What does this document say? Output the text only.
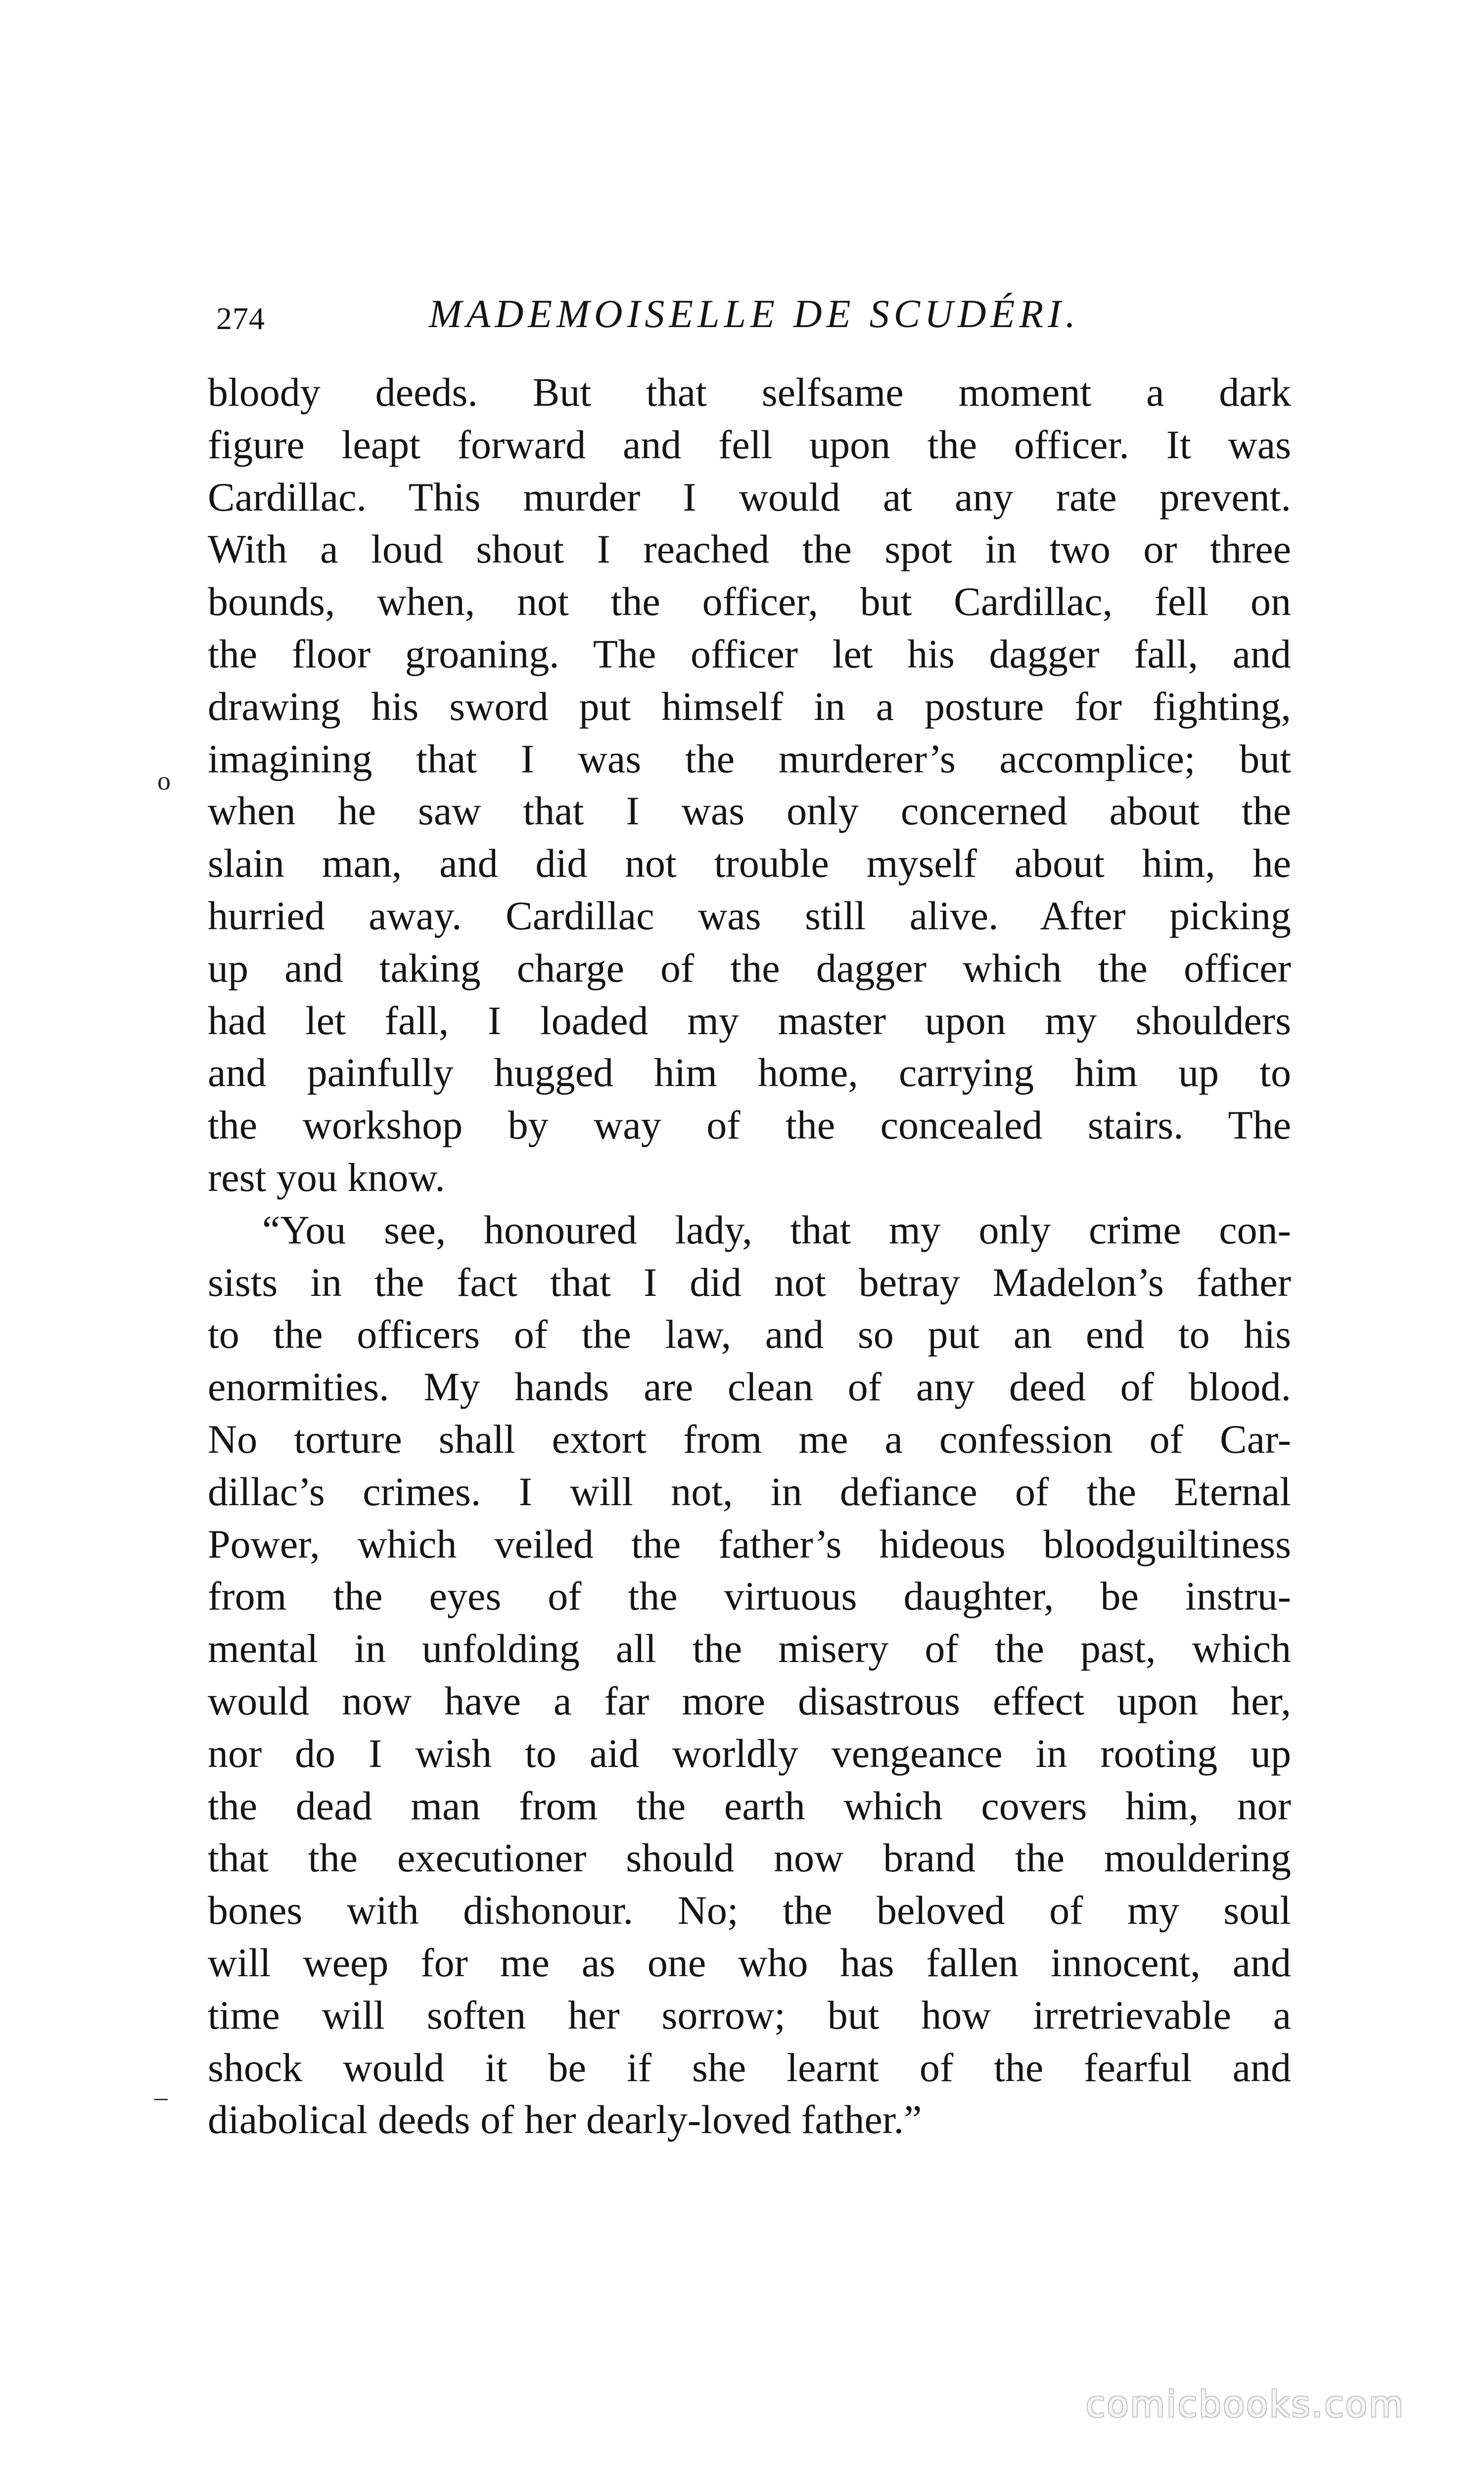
274	MADEMOISELLE DE SCUDÉRI.
o
–
bloody deeds. But that selfsame moment a dark
figure leapt forward and fell upon the officer. It was
Cardillac. This murder I would at any rate prevent.
With a loud shout I reached the spot in two or three
bounds, when, not the officer, but Cardillac, fell on
the floor groaning. The officer let his dagger fall, and
drawing his sword put himself in a posture for fighting,
imagining that I was the murderer’s accomplice; but
when he saw that I was only concerned about the
slain man, and did not trouble myself about him, he
hurried away. Cardillac was still alive. After picking
up and taking charge of the dagger which the officer
had let fall, I loaded my master upon my shoulders
and painfully hugged him home, carrying him up to
the workshop by way of the concealed stairs. The
rest you know.
“You see, honoured lady, that my only crime con-
sists in the fact that I did not betray Madelon’s father
to the officers of the law, and so put an end to his
enormities. My hands are clean of any deed of blood.
No torture shall extort from me a confession of Car-
dillac’s crimes. I will not, in defiance of the Eternal
Power, which veiled the father’s hideous bloodguiltiness
from the eyes of the virtuous daughter, be instru-
mental in unfolding all the misery of the past, which
would now have a far more disastrous effect upon her,
nor do I wish to aid worldly vengeance in rooting up
the dead man from the earth which covers him, nor
that the executioner should now brand the mouldering
bones with dishonour. No; the beloved of my soul
will weep for me as one who has fallen innocent, and
time will soften her sorrow; but how irretrievable a
shock would it be if she learnt of the fearful and
diabolical deeds of her dearly-loved father.”
comicbooks.com
